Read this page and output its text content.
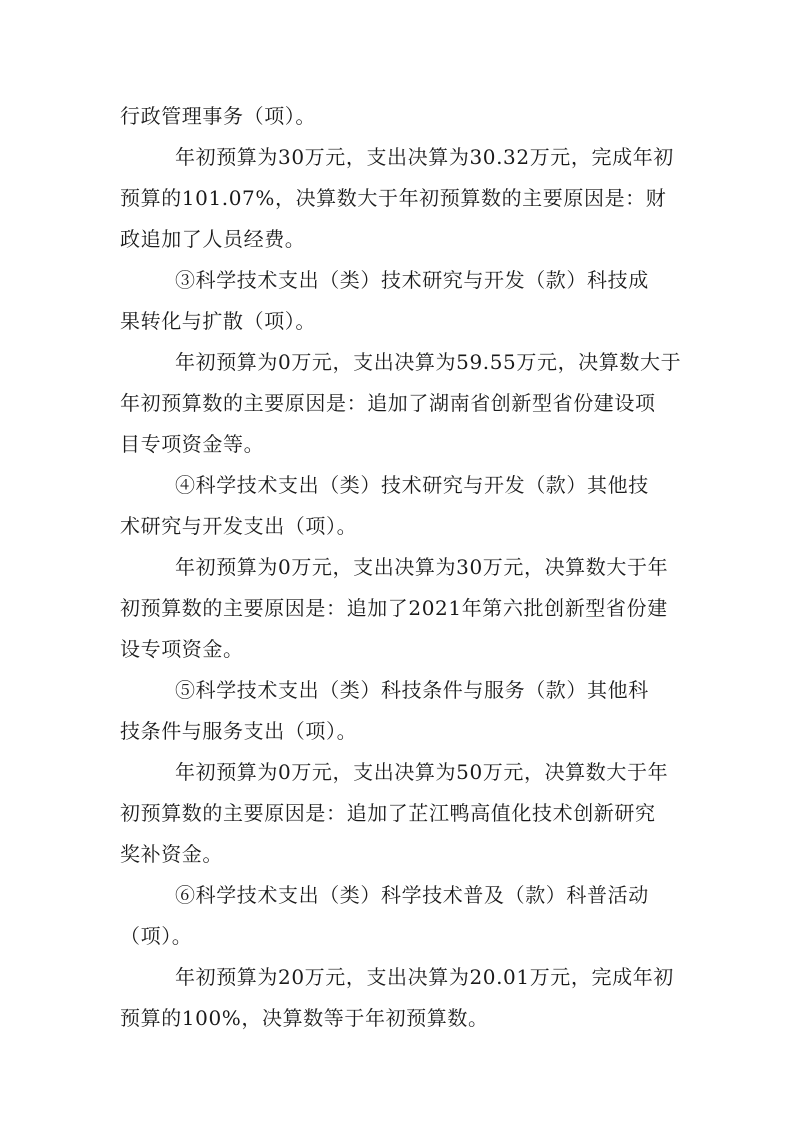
行政管理事务（项）。
年初预算为30万元，支出决算为30.32万元，完成年初
预算的101.07%，决算数大于年初预算数的主要原因是：财
政追加了人员经费。
③科学技术支出（类）技术研究与开发（款）科技成
果转化与扩散（项）。
年初预算为0万元，支出决算为59.55万元，决算数大于
年初预算数的主要原因是：追加了湖南省创新型省份建设项
目专项资金等。
④科学技术支出（类）技术研究与开发（款）其他技
术研究与开发支出（项）。
年初预算为0万元，支出决算为30万元，决算数大于年
初预算数的主要原因是：追加了2021年第六批创新型省份建
设专项资金。
⑤科学技术支出（类）科技条件与服务（款）其他科
技条件与服务支出（项）。
年初预算为0万元，支出决算为50万元，决算数大于年
初预算数的主要原因是：追加了芷江鸭高值化技术创新研究
奖补资金。
⑥科学技术支出（类）科学技术普及（款）科普活动
（项）。
年初预算为20万元，支出决算为20.01万元，完成年初
预算的100%，决算数等于年初预算数。
